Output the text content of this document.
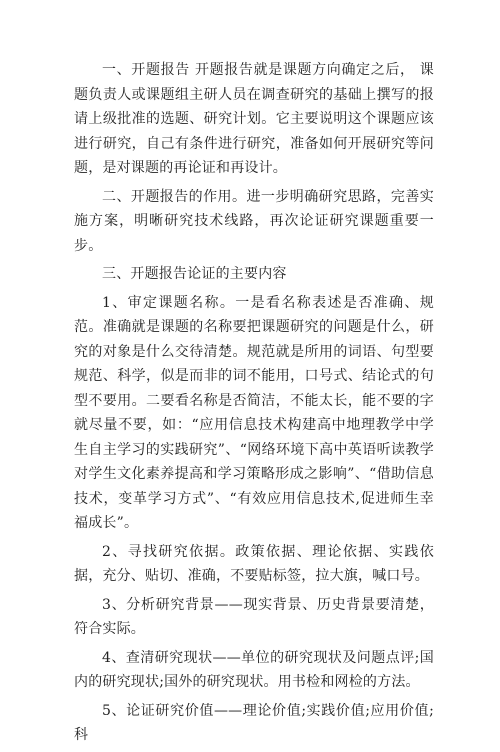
一、开题报告 开题报告就是课题方向确定之后， 课题负责人或课题组主研人员在调查研究的基础上撰写的报请上级批准的选题、研究计划。它主要说明这个课题应该进行研究，自己有条件进行研究，准备如何开展研究等问题，是对课题的再论证和再设计。

二、开题报告的作用。进一步明确研究思路，完善实施方案，明晰研究技术线路，再次论证研究课题重要一步。

三、开题报告论证的主要内容

1、审定课题名称。一是看名称表述是否准确、规范。准确就是课题的名称要把课题研究的问题是什么，研究的对象是什么交待清楚。规范就是所用的词语、句型要规范、科学，似是而非的词不能用，口号式、结论式的句型不要用。二要看名称是否简洁，不能太长，能不要的字就尽量不要，如：“应用信息技术构建高中地理教学中学生自主学习的实践研究”、“网络环境下高中英语听读教学对学生文化素养提高和学习策略形成之影响”、“借助信息技术，变革学习方式”、“有效应用信息技术,促进师生幸福成长”。

2、寻找研究依据。政策依据、理论依据、实践依据，充分、贴切、准确，不要贴标签，拉大旗，喊口号。

3、分析研究背景——现实背景、历史背景要清楚，符合实际。

4、查清研究现状——单位的研究现状及问题点评;国内的研究现状;国外的研究现状。用书检和网检的方法。

5、论证研究价值——理论价值;实践价值;应用价值;科
